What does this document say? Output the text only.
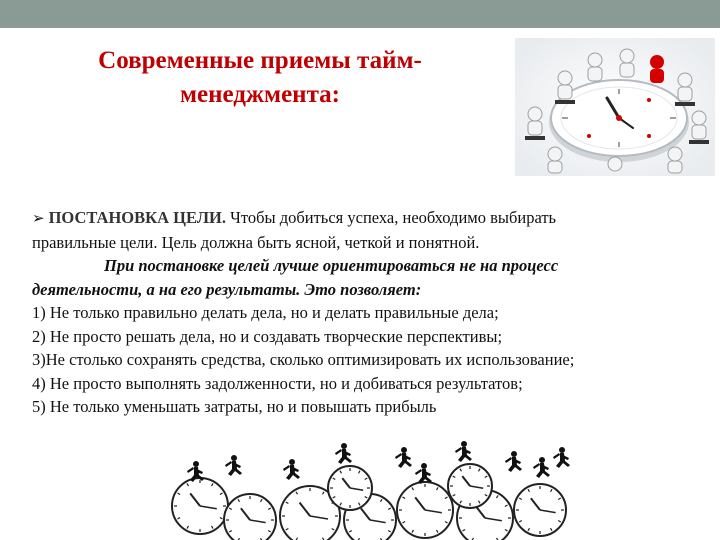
Современные приемы тайм-
менеджмента:
➢ ПОСТАНОВКА ЦЕЛИ. Чтобы добиться успеха, необходимо выбирать
правильные цели. Цель должна быть ясной, четкой и понятной.
При постановке целей лучше ориентироваться не на процесс
деятельности, а на его результаты. Это позволяет:
1) Не только правильно делать дела, но и делать правильные дела;
2) Не просто решать дела, но и создавать творческие перспективы;
3)Не столько сохранять средства, сколько оптимизировать их использование;
4) Не просто выполнять задолженности, но и добиваться результатов;
5) Не только уменьшать затраты, но и повышать прибыль
